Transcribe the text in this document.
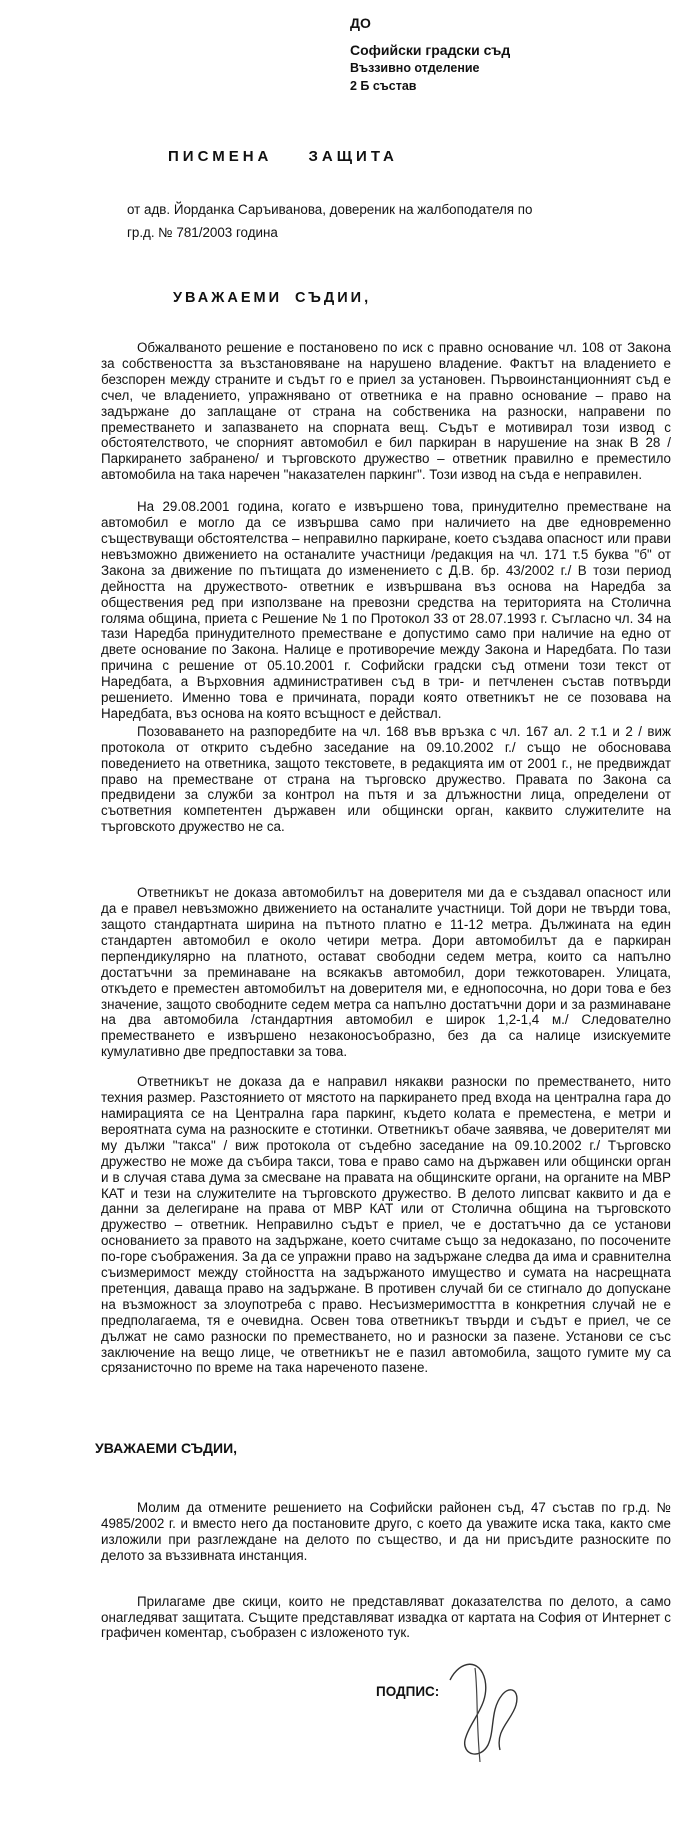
ДО
Софийски градски съд
Въззивно отделение
2 Б състав
ПИСМЕНА ЗАЩИТА
от адв. Йорданка Саръиванова, довереник на жалбоподателя по гр.д. № 781/2003 година
УВАЖАЕМИ СЪДИИ,

Обжалваното решение е постановено по иск с правно основание чл. 108 от Закона за собствеността за възстановяване на нарушено владение. Фактът на владението е безспорен между страните и съдът го е приел за установен. Първоинстанционният съд е счел, че владението, упражнявано от ответника е на правно основание – право на задържане до заплащане от страна на собственика на разноски, направени по преместването и запазването на спорната вещ. Съдът е мотивирал този извод с обстоятелството, че спорният автомобил е бил паркиран в нарушение на знак В 28 /Паркирането забранено/ и търговското дружество – ответник правилно е преместило автомобила на така наречен "наказателен паркинг". Този извод на съда е неправилен.

На 29.08.2001 година, когато е извършено това, принудително преместване на автомобил е могло да се извършва само при наличието на две едновременно съществуващи обстоятелства – неправилно паркиране, което създава опасност или прави невъзможно движението на останалите участници /редакция на чл. 171 т.5 буква "б" от Закона за движение по пътищата до изменението с Д.В. бр. 43/2002 г./ В този период дейността на дружеството- ответник е извършвана въз основа на Наредба за обществения ред при използване на превозни средства на територията на Столична голяма община, приета с Решение № 1 по Протокол 33 от 28.07.1993 г. Съгласно чл. 34 на тази Наредба принудителното преместване е допустимо само при наличие на едно от двете основание по Закона. Налице е противоречие между Закона и Наредбата. По тази причина с решение от 05.10.2001 г. Софийски градски съд отмени този текст от Наредбата, а Върховния административен съд в три- и петчленен състав потвърди решението. Именно това е причината, поради която ответникът не се позовава на Наредбата, въз основа на която всъщност е действал.

Позоваването на разпоредбите на чл. 168 във връзка с чл. 167 ал. 2 т.1 и 2 / виж протокола от открито съдебно заседание на 09.10.2002 г./ също не обосновава поведението на ответника, защото текстовете, в редакцията им от 2001 г., не предвиждат право на преместване от страна на търговско дружество. Правата по Закона са предвидени за служби за контрол на пътя и за длъжностни лица, определени от съответния компетентен държавен или общински орган, каквито служителите на търговското дружество не са.

Ответникът не доказа автомобилът на доверителя ми да е създавал опасност или да е правел невъзможно движението на останалите участници. Той дори не твърди това, защото стандартната ширина на пътното платно е 11-12 метра. Дължината на един стандартен автомобил е около четири метра. Дори автомобилът да е паркиран перпендикулярно на платното, остават свободни седем метра, които са напълно достатъчни за преминаване на всякакъв автомобил, дори тежкотоварен. Улицата, откъдето е преместен автомобилът на доверителя ми, е еднопосочна, но дори това е без значение, защото свободните седем метра са напълно достатъчни дори и за разминаване на два автомобила /стандартния автомобил е широк 1,2-1,4 м./ Следователно преместването е извършено незаконосъобразно, без да са налице изискуемите кумулативно две предпоставки за това.

Ответникът не доказа да е направил някакви разноски по преместването, нито техния размер. Разстоянието от мястото на паркирането пред входа на централна гара до намирацията се на Централна гара паркинг, където колата е преместена, е метри и вероятната сума на разноските е стотинки. Ответникът обаче заявява, че доверителят ми му дължи "такса" / виж протокола от съдебно заседание на 09.10.2002 г./ Търговско дружество не може да събира такси, това е право само на държавен или общински орган и в случая става дума за смесване на правата на общинските органи, на органите на МВР КАТ и тези на служителите на търговското дружество. В делото липсват каквито и да е данни за делегиране на права от МВР КАТ или от Столична община на търговското дружество – ответник. Неправилно съдът е приел, че е достатъчно да се установи основанието за правото на задържане, което считаме също за недоказано, по посочените по-горе съображения. За да се упражни право на задържане следва да има и сравнителна съизмеримост между стойността на задържаното имущество и сумата на насрещната претенция, даваща право на задържане. В противен случай би се стигнало до допускане на възможност за злоупотреба с право. Несъизмеримосттта в конкретния случай не е предполагаема, тя е очевидна. Освен това ответникът твърди и съдът е приел, че се дължат не само разноски по преместването, но и разноски за пазене. Установи се със заключение на вещо лице, че ответникът не е пазил автомобила, защото гумите му са срязанисточно по време на така нареченото пазене.

УВАЖАЕМИ СЪДИИ,

Молим да отмените решението на Софийски районен съд, 47 състав по гр.д. № 4985/2002 г. и вместо него да постановите друго, с което да уважите иска така, както сме изложили при разглеждане на делото по същество, и да ни присъдите разноските по делото за въззивната инстанция.

Прилагаме две скици, които не представляват доказателства по делото, а само онагледяват защитата. Същите представляват извадка от картата на София от Интернет с графичен коментар, съобразен с изложеното тук.

ПОДПИС:
